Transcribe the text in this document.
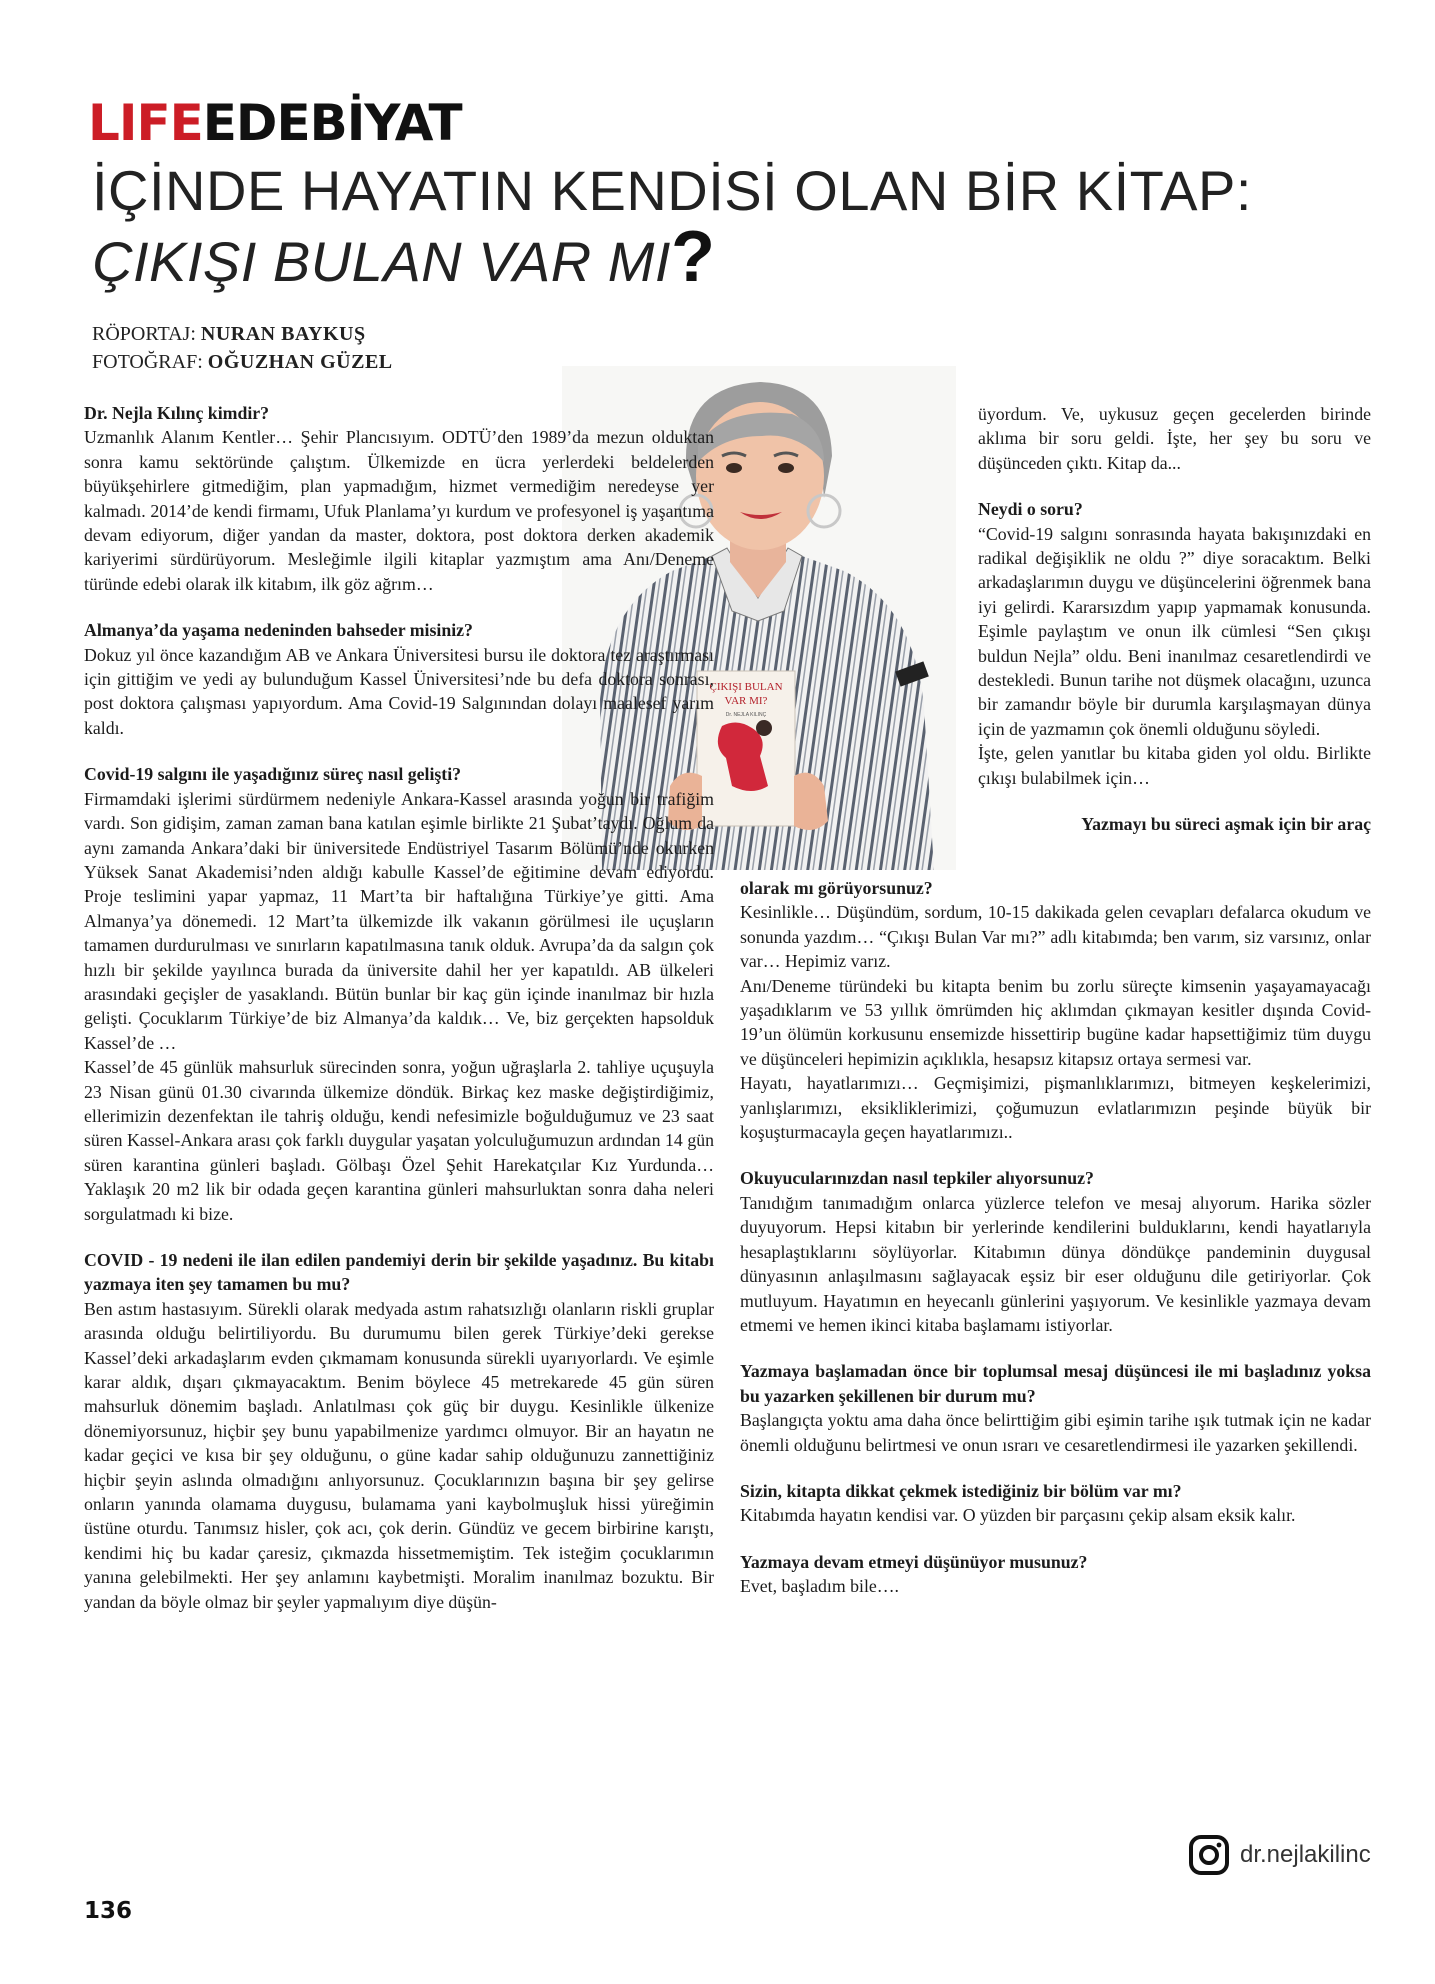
LIFEEDEBİYAT
İÇİNDE HAYATIN KENDİSİ OLAN BİR KİTAP:
ÇIKIŞI BULAN VAR MI?
RÖPORTAJ: NURAN BAYKUŞ
FOTOĞRAF: OĞUZHAN GÜZEL
ÇIKIŞI BULAN
VAR MI?
Dr. NEJLA KILINÇ

Dr. Nejla Kılınç kimdir?

Uzmanlık Alanım Kentler… Şehir Plancısıyım. ODTÜ’den 1989’da mezun olduktan sonra kamu sektöründe çalıştım. Ülkemizde en ücra yerlerdeki beldelerden büyükşehirlere gitmediğim, plan yapmadığım, hizmet vermediğim neredeyse yer kalmadı. 2014’de kendi firmamı, Ufuk Planlama’yı kurdum ve profesyonel iş yaşantıma devam ediyorum, diğer yandan da master, doktora, post doktora derken akademik kariyerimi sürdürüyorum. Mesleğimle ilgili kitaplar yazmıştım ama Anı/Deneme türünde edebi olarak ilk kitabım, ilk göz ağrım…

Almanya’da yaşama nedeninden bahseder misiniz?

Dokuz yıl önce kazandığım AB ve Ankara Üniversitesi bursu ile doktora tez araştırması için gittiğim ve yedi ay bulunduğum Kassel Üniversitesi’nde bu defa doktora sonrası, post doktora çalışması yapıyordum. Ama Covid-19 Salgınından dolayı maalesef yarım kaldı.

Covid-19 salgını ile yaşadığınız süreç nasıl gelişti?

Firmamdaki işlerimi sürdürmem nedeniyle Ankara-Kassel arasında yoğun bir trafiğim vardı. Son gidişim, zaman zaman bana katılan eşimle birlikte 21 Şubat’taydı. Oğlum da aynı zamanda Ankara’daki bir üniversitede Endüstriyel Tasarım Bölümü’nde okurken Yüksek Sanat Akademisi’nden aldığı kabulle Kassel’de eğitimine devam ediyordu. Proje teslimini yapar yapmaz, 11 Mart’ta bir haftalığına Türkiye’ye gitti. Ama Almanya’ya dönemedi. 12 Mart’ta ülkemizde ilk vakanın görülmesi ile uçuşların tamamen durdurulması ve sınırların kapatılmasına tanık olduk. Avrupa’da da salgın çok hızlı bir şekilde yayılınca burada da üniversite dahil her yer kapatıldı. AB ülkeleri arasındaki geçişler de yasaklandı. Bütün bunlar bir kaç gün içinde inanılmaz bir hızla gelişti. Çocuklarım Türkiye’de biz Almanya’da kaldık… Ve, biz gerçekten hapsolduk Kassel’de …

Kassel’de 45 günlük mahsurluk sürecinden sonra, yoğun uğraşlarla 2. tahliye uçuşuyla 23 Nisan günü 01.30 civarında ülkemize döndük. Birkaç kez maske değiştirdiğimiz, ellerimizin dezenfektan ile tahriş olduğu, kendi nefesimizle boğulduğumuz ve 23 saat süren Kassel-Ankara arası çok farklı duygular yaşatan yolculuğumuzun ardından 14 gün süren karantina günleri başladı. Gölbaşı Özel Şehit Harekatçılar Kız Yurdunda…Yaklaşık 20 m2 lik bir odada geçen karantina günleri mahsurluktan sonra daha neleri sorgulatmadı ki bize.

COVID - 19 nedeni ile ilan edilen pandemiyi derin bir şekilde yaşadınız. Bu kitabı yazmaya iten şey tamamen bu mu?

Ben astım hastasıyım. Sürekli olarak medyada astım rahatsızlığı olanların riskli gruplar arasında olduğu belirtiliyordu. Bu durumumu bilen gerek Türkiye’deki gerekse Kassel’deki arkadaşlarım evden çıkmamam konusunda sürekli uyarıyorlardı. Ve eşimle karar aldık, dışarı çıkmayacaktım. Benim böylece 45 metrekarede 45 gün süren mahsurluk dönemim başladı. Anlatılması çok güç bir duygu. Kesinlikle ülkenize dönemiyorsunuz, hiçbir şey bunu yapabilmenize yardımcı olmuyor. Bir an hayatın ne kadar geçici ve kısa bir şey olduğunu, o güne kadar sahip olduğunuzu zannettiğiniz hiçbir şeyin aslında olmadığını anlıyorsunuz. Çocuklarınızın başına bir şey gelirse onların yanında olamama duygusu, bulamama yani kaybolmuşluk hissi yüreğimin üstüne oturdu. Tanımsız hisler, çok acı, çok derin. Gündüz ve gecem birbirine karıştı, kendimi hiç bu kadar çaresiz, çıkmazda hissetmemiştim. Tek isteğim çocuklarımın yanına gelebilmekti. Her şey anlamını kaybetmişti. Moralim inanılmaz bozuktu. Bir yandan da böyle olmaz bir şeyler yapmalıyım diye düşün-

üyordum. Ve, uykusuz geçen gecelerden birinde aklıma bir soru geldi. İşte, her şey bu soru ve düşünceden çıktı. Kitap da...

Neydi o soru?

“Covid-19 salgını sonrasında hayata bakışınızdaki en radikal değişiklik ne oldu ?” diye soracaktım. Belki arkadaşlarımın duygu ve düşüncelerini öğrenmek bana iyi gelirdi. Kararsızdım yapıp yapmamak konusunda. Eşimle paylaştım ve onun ilk cümlesi “Sen çıkışı buldun Nejla” oldu. Beni inanılmaz cesaretlendirdi ve destekledi. Bunun tarihe not düşmek olacağını, uzunca bir zamandır böyle bir durumla karşılaşmayan dünya için de yazmamın çok önemli olduğunu söyledi.

İşte, gelen yanıtlar bu kitaba giden yol oldu. Birlikte çıkışı bulabilmek için…

Yazmayı bu süreci aşmak için bir araç

olarak mı görüyorsunuz?

Kesinlikle… Düşündüm, sordum, 10-15 dakikada gelen cevapları defalarca okudum ve sonunda yazdım… “Çıkışı Bulan Var mı?” adlı kitabımda; ben varım, siz varsınız, onlar var… Hepimiz varız.

Anı/Deneme türündeki bu kitapta benim bu zorlu süreçte kimsenin yaşayamayacağı yaşadıklarım ve 53 yıllık ömrümden hiç aklımdan çıkmayan kesitler dışında Covid-19’un ölümün korkusunu ensemizde hissettirip bugüne kadar hapsettiğimiz tüm duygu ve düşünceleri hepimizin açıklıkla, hesapsız kitapsız ortaya sermesi var.

Hayatı, hayatlarımızı… Geçmişimizi, pişmanlıklarımızı, bitmeyen keşkelerimizi, yanlışlarımızı, eksikliklerimizi, çoğumuzun evlatlarımızın peşinde büyük bir koşuşturmacayla geçen hayatlarımızı..

Okuyucularınızdan nasıl tepkiler alıyorsunuz?

Tanıdığım tanımadığım onlarca yüzlerce telefon ve mesaj alıyorum. Harika sözler duyuyorum. Hepsi kitabın bir yerlerinde kendilerini bulduklarını, kendi hayatlarıyla hesaplaştıklarını söylüyorlar. Kitabımın dünya döndükçe pandeminin duygusal dünyasının anlaşılmasını sağlayacak eşsiz bir eser olduğunu dile getiriyorlar. Çok mutluyum. Hayatımın en heyecanlı günlerini yaşıyorum. Ve kesinlikle yazmaya devam etmemi ve hemen ikinci kitaba başlamamı istiyorlar.

Yazmaya başlamadan önce bir toplumsal mesaj düşüncesi ile mi başladınız yoksa bu yazarken şekillenen bir durum mu?

Başlangıçta yoktu ama daha önce belirttiğim gibi eşimin tarihe ışık tutmak için ne kadar önemli olduğunu belirtmesi ve onun ısrarı ve cesaretlendirmesi ile yazarken şekillendi.

Sizin, kitapta dikkat çekmek istediğiniz bir bölüm var mı?

Kitabımda hayatın kendisi var. O yüzden bir parçasını çekip alsam eksik kalır.

Yazmaya devam etmeyi düşünüyor musunuz?

Evet, başladım bile….

136
dr.nejlakilinc
